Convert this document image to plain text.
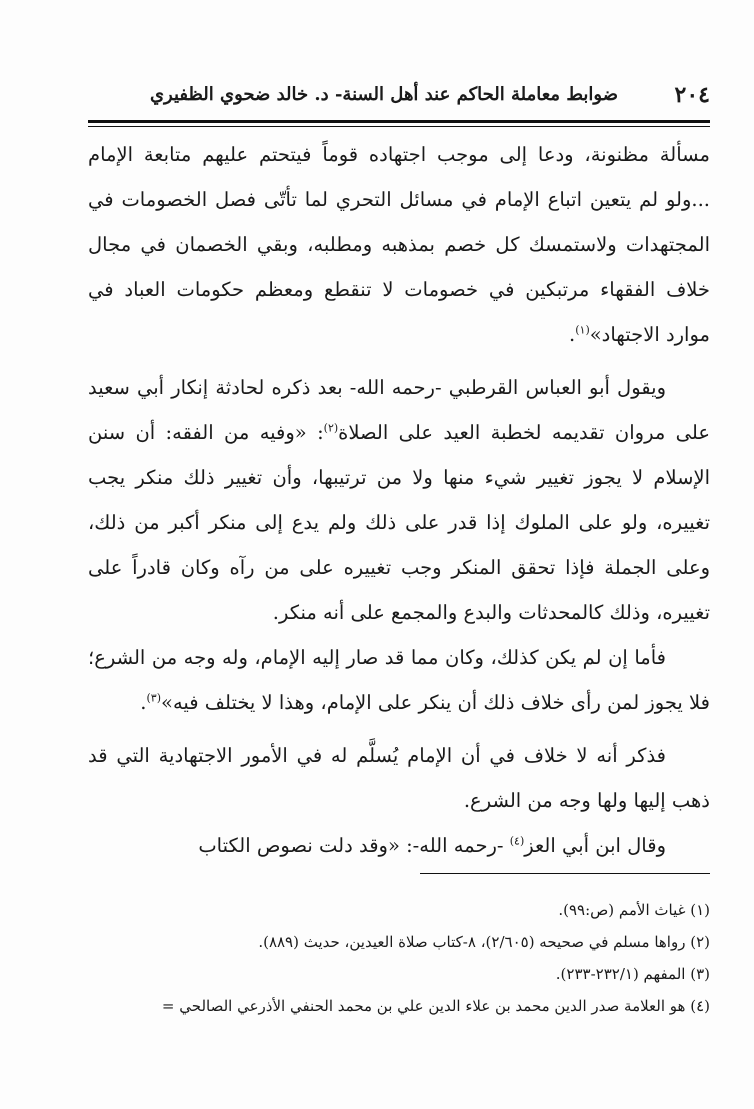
٢٠٤
ضوابط معاملة الحاكم عند أهل السنة- د. خالد ضحوي الظفيري

مسألة مظنونة، ودعا إلى موجب اجتهاده قوماً فيتحتم عليهم متابعة الإمام ...ولو لم يتعين اتباع الإمام في مسائل التحري لما تأتّى فصل الخصومات في المجتهدات ولاستمسك كل خصم بمذهبه ومطلبه، وبقي الخصمان في مجال خلاف الفقهاء مرتبكين في خصومات لا تنقطع ومعظم حكومات العباد في موارد الاجتهاد»$^{(١)}$.

ويقول أبو العباس القرطبي -رحمه الله- بعد ذكره لحادثة إنكار أبي سعيد على مروان تقديمه لخطبة العيد على الصلاة$^{(٢)}$: «وفيه من الفقه: أن سنن الإسلام لا يجوز تغيير شيء منها ولا من ترتيبها، وأن تغيير ذلك منكر يجب تغييره، ولو على الملوك إذا قدر على ذلك ولم يدع إلى منكر أكبر من ذلك، وعلى الجملة فإذا تحقق المنكر وجب تغييره على من رآه وكان قادراً على تغييره، وذلك كالمحدثات والبدع والمجمع على أنه منكر.

فأما إن لم يكن كذلك، وكان مما قد صار إليه الإمام، وله وجه من الشرع؛ فلا يجوز لمن رأى خلاف ذلك أن ينكر على الإمام، وهذا لا يختلف فيه»$^{(٣)}$.

فذكر أنه لا خلاف في أن الإمام يُسلَّم له في الأمور الاجتهادية التي قد ذهب إليها ولها وجه من الشرع.

وقال ابن أبي العز$^{(٤)}$ -رحمه الله-: «وقد دلت نصوص الكتاب

(١) غياث الأمم (ص:٩٩).

(٢) رواها مسلم في صحيحه (٢/٦٠٥)، ٨-كتاب صلاة العيدين، حديث (٨٨٩).

(٣) المفهم (٢٣٢/١-٢٣٣).

(٤) هو العلامة صدر الدين محمد بن علاء الدين علي بن محمد الحنفي الأذرعي الصالحي =
